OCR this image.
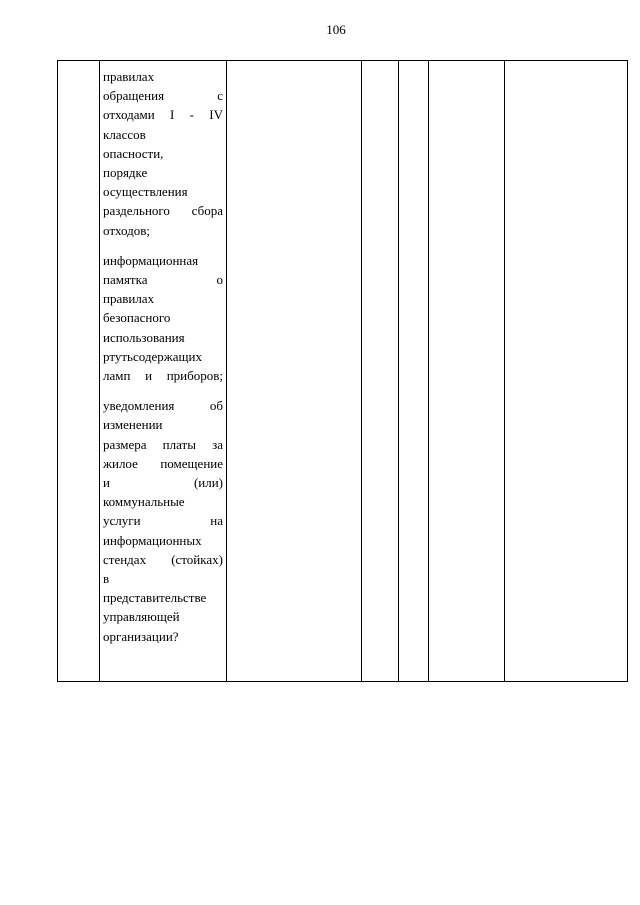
106

правилах
обращения	с
отходами I - IV
классов
опасности,
порядке
осуществления
раздельного сбора
отходов;
информационная
памятка	о
правилах
безопасного
использования
ртутьсодержащих
ламп и приборов;
уведомления	об
изменении
размера платы за
жилое помещение
и	(или)
коммунальные
услуги	на
информационных
стендах (стойках)
в
представительстве
управляющей
организации?
